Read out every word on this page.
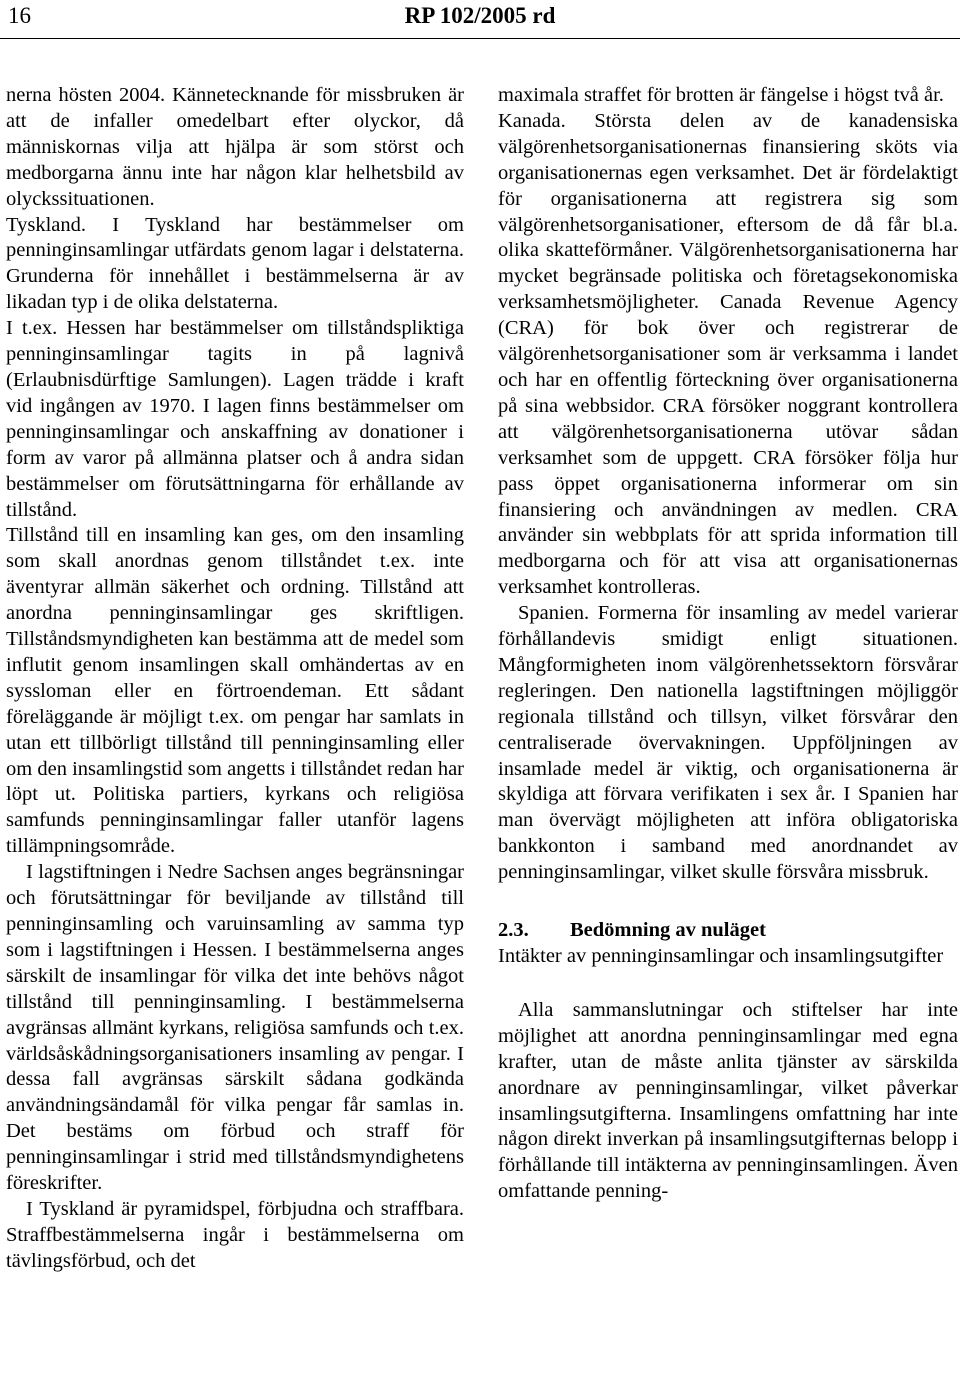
16	RP 102/2005 rd

nerna hösten 2004. Kännetecknande för missbruken är att de infaller omedelbart efter olyckor, då människornas vilja att hjälpa är som störst och medborgarna ännu inte har någon klar helhetsbild av olyckssituationen.

Tyskland. I Tyskland har bestämmelser om penninginsamlingar utfärdats genom lagar i delstaterna. Grunderna för innehållet i bestämmelserna är av likadan typ i de olika delstaterna.

I t.ex. Hessen har bestämmelser om tillståndspliktiga penninginsamlingar tagits in på lagnivå (Erlaubnisdürftige Samlungen). Lagen trädde i kraft vid ingången av 1970. I lagen finns bestämmelser om penninginsamlingar och anskaffning av donationer i form av varor på allmänna platser och å andra sidan bestämmelser om förutsättningarna för erhållande av tillstånd.

Tillstånd till en insamling kan ges, om den insamling som skall anordnas genom tillståndet t.ex. inte äventyrar allmän säkerhet och ordning. Tillstånd att anordna penninginsamlingar ges skriftligen. Tillståndsmyndigheten kan bestämma att de medel som influtit genom insamlingen skall omhändertas av en syssloman eller en förtroendeman. Ett sådant föreläggande är möjligt t.ex. om pengar har samlats in utan ett tillbörligt tillstånd till penninginsamling eller om den insamlingstid som angetts i tillståndet redan har löpt ut. Politiska partiers, kyrkans och religiösa samfunds penninginsamlingar faller utanför lagens tillämpningsområde.

I lagstiftningen i Nedre Sachsen anges begränsningar och förutsättningar för beviljande av tillstånd till penninginsamling och varuinsamling av samma typ som i lagstiftningen i Hessen. I bestämmelserna anges särskilt de insamlingar för vilka det inte behövs något tillstånd till penninginsamling. I bestämmelserna avgränsas allmänt kyrkans, religiösa samfunds och t.ex. världsåskådningsorganisationers insamling av pengar. I dessa fall avgränsas särskilt sådana godkända användningsändamål för vilka pengar får samlas in. Det bestäms om förbud och straff för penninginsamlingar i strid med tillståndsmyndighetens föreskrifter.

I Tyskland är pyramidspel, förbjudna och straffbara. Straffbestämmelserna ingår i bestämmelserna om tävlingsförbud, och det

maximala straffet för brotten är fängelse i högst två år.

Kanada. Största delen av de kanadensiska välgörenhetsorganisationernas finansiering sköts via organisationernas egen verksamhet. Det är fördelaktigt för organisationerna att registrera sig som välgörenhetsorganisationer, eftersom de då får bl.a. olika skatteförmåner. Välgörenhetsorganisationerna har mycket begränsade politiska och företagsekonomiska verksamhetsmöjligheter. Canada Revenue Agency (CRA) för bok över och registrerar de välgörenhetsorganisationer som är verksamma i landet och har en offentlig förteckning över organisationerna på sina webbsidor. CRA försöker noggrant kontrollera att välgörenhetsorganisationerna utövar sådan verksamhet som de uppgett. CRA försöker följa hur pass öppet organisationerna informerar om sin finansiering och användningen av medlen. CRA använder sin webbplats för att sprida information till medborgarna och för att visa att organisationernas verksamhet kontrolleras.

Spanien. Formerna för insamling av medel varierar förhållandevis smidigt enligt situationen. Mångformigheten inom välgörenhetssektorn försvårar regleringen. Den nationella lagstiftningen möjliggör regionala tillstånd och tillsyn, vilket försvårar den centraliserade övervakningen. Uppföljningen av insamlade medel är viktig, och organisationerna är skyldiga att förvara verifikaten i sex år. I Spanien har man övervägt möjligheten att införa obligatoriska bankkonton i samband med anordnandet av penninginsamlingar, vilket skulle försvåra missbruk.

2.3.	Bedömning av nuläget

Intäkter av penninginsamlingar och insamlingsutgifter

Alla sammanslutningar och stiftelser har inte möjlighet att anordna penninginsamlingar med egna krafter, utan de måste anlita tjänster av särskilda anordnare av penninginsamlingar, vilket påverkar insamlingsutgifterna. Insamlingens omfattning har inte någon direkt inverkan på insamlingsutgifternas belopp i förhållande till intäkterna av penninginsamlingen. Även omfattande penning-
